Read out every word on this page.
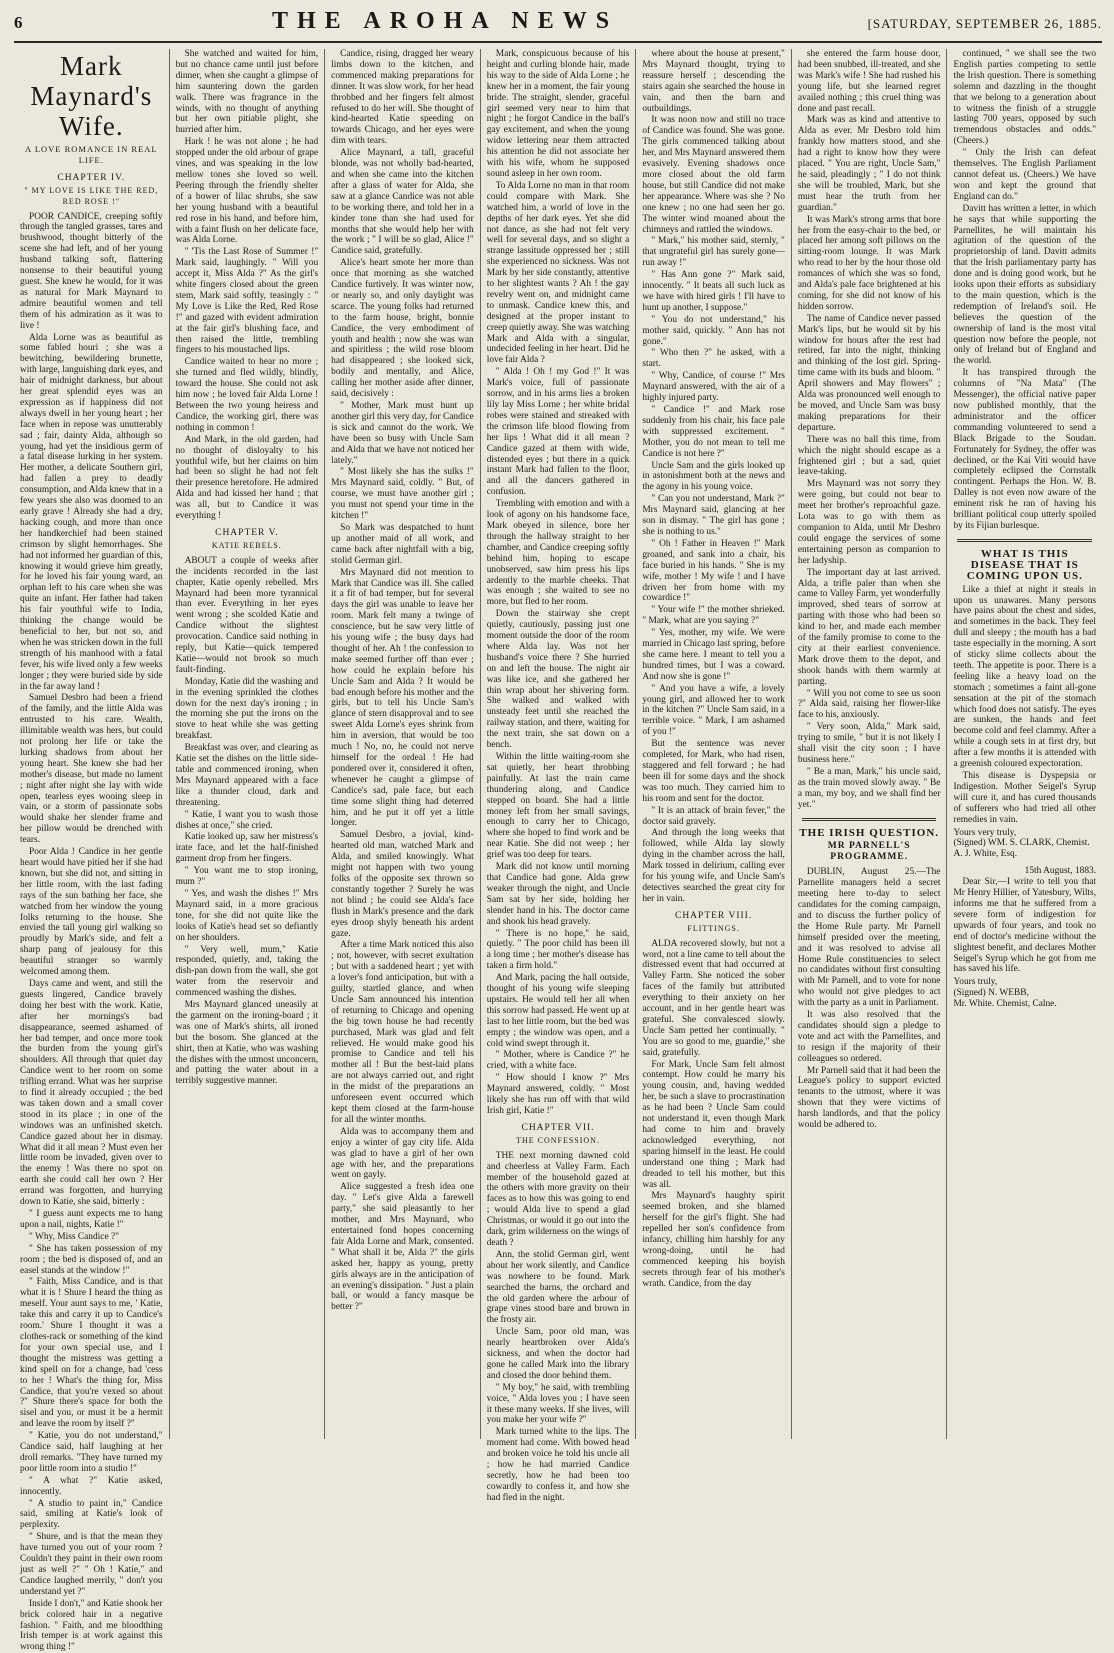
6	THE AROHA NEWS	[SATURDAY, SEPTEMBER 26, 1885.
Mark Maynard's Wife.
A LOVE ROMANCE IN REAL LIFE.
CHAPTER IV.
" MY LOVE IS LIKE THE RED, RED ROSE !"

POOR CANDICE, creeping softly through the tangled grasses, tares and brushwood, thought bitterly of the scene she had left, and of her young husband talking soft, flattering nonsense to their beautiful young guest. She knew he would, for it was as natural for Mark Maynard to admire beautiful women and tell them of his admiration as it was to live !

Alda Lorne was as beautiful as some fabled houri ; she was a bewitching, bewildering brunette, with large, languishing dark eyes, and hair of midnight darkness, but about her great splendid eyes was an expression as if happiness did not always dwell in her young heart ; her face when in repose was unutterably sad ; fair, dainty Alda, although so young, had yet the insidious germ of a fatal disease lurking in her system. Her mother, a delicate Southern girl, had fallen a prey to deadly consumption, and Alda knew that in a few years she also was doomed to an early grave ! Already she had a dry, hacking cough, and more than once her handkerchief had been stained crimson by slight hemorrhages. She had not informed her guardian of this, knowing it would grieve him greatly, for he loved his fair young ward, an orphan left to his care when she was quite an infant. Her father had taken his fair youthful wife to India, thinking the change would be beneficial to her, but not so, and when he was stricken down in the full strength of his manhood with a fatal fever, his wife lived only a few weeks longer ; they were buried side by side in the far away land !

Samuel Desbro had been a friend of the family, and the little Alda was entrusted to his care. Wealth, illimitable wealth was hers, but could not prolong her life or take the lurking shadows from about her young heart. She knew she had her mother's disease, but made no lament ; night after night she lay with wide open, tearless eyes wooing sleep in vain, or a storm of passionate sobs would shake her slender frame and her pillow would be drenched with tears.

Poor Alda ! Candice in her gentle heart would have pitied her if she had known, but she did not, and sitting in her little room, with the last fading rays of the sun bathing her face, she watched from her window the young folks returning to the house. She envied the tall young girl walking so proudly by Mark's side, and felt a sharp pang of jealousy for this beautiful stranger so warmly welcomed among them.

Days came and went, and still the guests lingered, Candice bravely doing her best with the work. Katie, after her mornings's bad disappearance, seemed ashamed of her bad temper, and once more took the burden from the young girl's shoulders. All through that quiet day Candice went to her room on some trifling errand. What was her surprise to find it already occupied ; the bed was taken down and a small cover stood in its place ; in one of the windows was an unfinished sketch. Candice gazed about her in dismay. What did it all mean ? Must even her little room be invaded, given over to the enemy ! Was there no spot on earth she could call her own ? Her errand was forgotten, and hurrying down to Katie, she said, bitterly :

" I guess aunt expects me to hang upon a nail, nights, Katie !"

" Why, Miss Candice ?"

" She has taken possession of my room ; the bed is disposed of, and an easel stands at the window !"

" Faith, Miss Candice, and is that what it is ! Shure I heard the thing as meself. Your aunt says to me, ' Katie, take this and carry it up to Candice's room.' Shure I thought it was a clothes-rack or something of the kind for your own special use, and I thought the mistress was getting a kind spell on for a change, bad 'cess to her ! What's the thing for, Miss Candice, that you're vexed so about ?" Shure there's space for both the sisel and you, or must it be a hermit and leave the room by itself ?"

" Katie, you do not understand," Candice said, half laughing at her droll remarks. "They have turned my poor little room into a studio !"

" A what ?" Katie asked, innocently.

" A studio to paint in," Candice said, smiling at Katie's look of perplexity.

" Shure, and is that the mean they have turned you out of your room ? Couldn't they paint in their own room just as well ?" " Oh ! Katie," and Candice laughed merrily, " don't you understand yet ?"

Inside I don't," and Katie shook her brick colored hair in a negative fashion. " Faith, and me bloodthing Irish temper is at work against this wrong thing !"

She watched and waited for him, but no chance came until just before dinner, when she caught a glimpse of him sauntering down the garden walk. There was fragrance in the winds, with no thought of anything but her own pitiable plight, she hurried after him.

Hark ! he was not alone ; he had stopped under the old arbour of grape vines, and was speaking in the low mellow tones she loved so well. Peering through the friendly shelter of a bower of lilac shrubs, she saw her young husband with a beautiful red rose in his hand, and before him, with a faint flush on her delicate face, was Alda Lorne.

" 'Tis the Last Rose of Summer !" Mark said, laughingly. " Will you accept it, Miss Alda ?" As the girl's white fingers closed about the green stem, Mark said softly, teasingly : " My Love is Like the Red, Red Rose !" and gazed with evident admiration at the fair girl's blushing face, and then raised the little, trembling fingers to his moustached lips.

Candice waited to hear no more ; she turned and fled wildly, blindly, toward the house. She could not ask him now ; he loved fair Alda Lorne ! Between the two young heiress and Candice, the working girl, there was nothing in common !

And Mark, in the old garden, had no thought of disloyalty to his youthful wife, but her claims on him had been so slight he had not felt their presence heretofore. He admired Alda and had kissed her hand ; that was all, but to Candice it was everything !

CHAPTER V.
KATIE REBELS.

ABOUT a couple of weeks after the incidents recorded in the last chapter, Katie openly rebelled. Mrs Maynard had been more tyrannical than ever. Everything in her eyes went wrong ; she scolded Katie and Candice without the slightest provocation. Candice said nothing in reply, but Katie—quick tempered Katie—would not brook so much fault-finding.

Monday, Katie did the washing and in the evening sprinkled the clothes down for the next day's ironing ; in the morning she put the irons on the stove to heat while she was getting breakfast.

Breakfast was over, and clearing as Katie set the dishes on the little side-table and commenced ironing, when Mrs Maynard appeared with a face like a thunder cloud, dark and threatening.

" Katie, I want you to wash those dishes at once," she cried.

Katie looked up, saw her mistress's irate face, and let the half-finished garment drop from her fingers.

" You want me to stop ironing, mum ?"

" Yes, and wash the dishes !" Mrs Maynard said, in a more gracious tone, for she did not quite like the looks of Katie's head set so defiantly on her shoulders.

" Very well, mum," Katie responded, quietly, and, taking the dish-pan down from the wall, she got water from the reservoir and commenced washing the dishes.

Mrs Maynard glanced uneasily at the garment on the ironing-board ; it was one of Mark's shirts, all ironed but the bosom. She glanced at the shirt, then at Katie, who was washing the dishes with the utmost unconcern, and patting the water about in a terribly suggestive manner.

Candice, rising, dragged her weary limbs down to the kitchen, and commenced making preparations for dinner. It was slow work, for her head throbbed and her fingers felt almost refused to do her will. She thought of kind-hearted Katie speeding on towards Chicago, and her eyes were dim with tears.

Alice Maynard, a tall, graceful blonde, was not wholly bad-hearted, and when she came into the kitchen after a glass of water for Alda, she saw at a glance Candice was not able to be working there, and told her in a kinder tone than she had used for months that she would help her with the work ; " I will be so glad, Alice !" Candice said, gratefully.

Alice's heart smote her more than once that morning as she watched Candice furtively. It was winter now, or nearly so, and only daylight was scarce. The young folks had returned to the farm house, bright, bonnie Candice, the very embodiment of youth and health ; now she was wan and spiritless ; the wild rose bloom had disappeared ; she looked sick, bodily and mentally, and Alice, calling her mother aside after dinner, said, decisively :

" Mother, Mark must hunt up another girl this very day, for Candice is sick and cannot do the work. We have been so busy with Uncle Sam and Alda that we have not noticed her lately."

" Most likely she has the sulks !" Mrs Maynard said, coldly. " But, of course, we must have another girl ; you must not spend your time in the kitchen !"

So Mark was despatched to hunt up another maid of all work, and came back after nightfall with a big, stolid German girl.

Mrs Maynard did not mention to Mark that Candice was ill. She called it a fit of bad temper, but for several days the girl was unable to leave her room. Mark felt many a twinge of conscience, but he saw very little of his young wife ; the busy days had thought of her. Ah ! the confession to make seemed further off than ever ; how could he explain before his Uncle Sam and Alda ? It would be bad enough before his mother and the girls, but to tell his Uncle Sam's glance of stern disapproval and to see sweet Alda Lorne's eyes shrink from him in aversion, that would be too much ! No, no, he could not nerve himself for the ordeal ! He had pondered over it, considered it often, whenever he caught a glimpse of Candice's sad, pale face, but each time some slight thing had deterred him, and he put it off yet a little longer.

Samuel Desbro, a jovial, kind-hearted old man, watched Mark and Alda, and smiled knowingly. What might not happen with two young folks of the opposite sex thrown so constantly together ? Surely he was not blind ; he could see Alda's face flush in Mark's presence and the dark eyes droop shyly beneath his ardent gaze.

After a time Mark noticed this also ; not, however, with secret exultation ; but with a saddened heart ; yet with a lover's fond anticipation, but with a guilty, startled glance, and when Uncle Sam announced his intention of returning to Chicago and opening the big town house he had recently purchased, Mark was glad and felt relieved. He would make good his promise to Candice and tell his mother all ! But the best-laid plans are not always carried out, and right in the midst of the preparations an unforeseen event occurred which kept them closed at the farm-house for all the winter months.

Alda was to accompany them and enjoy a winter of gay city life. Alda was glad to have a girl of her own age with her, and the preparations went on gayly.

Alice suggested a fresh idea one day. " Let's give Alda a farewell party," she said pleasantly to her mother, and Mrs Maynard, who entertained fond hopes concerning fair Alda Lorne and Mark, consented. " What shall it be, Alda ?" the girls asked her, happy as young, pretty girls always are in the anticipation of an evening's dissipation. " Just a plain ball, or would a fancy masque be better ?"

Mark, conspicuous because of his height and curling blonde hair, made his way to the side of Alda Lorne ; he knew her in a moment, the fair young bride. The straight, slender, graceful girl seemed very near to him that night ; he forgot Candice in the ball's gay excitement, and when the young widow lettering near them attracted his attention he did not associate her with his wife, whom he supposed sound asleep in her own room.

To Alda Lorne no man in that room could compare with Mark. She watched him, a world of love in the depths of her dark eyes. Yet she did not dance, as she had not felt very well for several days, and so slight a strange lassitude oppressed her ; still she experienced no sickness. Was not Mark by her side constantly, attentive to her slightest wants ? Ah ! the gay revelry went on, and midnight came to unmask. Candice knew this, and designed at the proper instant to creep quietly away. She was watching Mark and Alda with a singular, undecided feeling in her heart. Did he love fair Alda ?

" Alda ! Oh ! my God !" It was Mark's voice, full of passionate sorrow, and in his arms lies a broken lily lay Miss Lorne ; her white bridal robes were stained and streaked with the crimson life blood flowing from her lips ! What did it all mean ? Candice gazed at them with wide, distended eyes ; but there in a quick instant Mark had fallen to the floor, and all the dancers gathered in confusion.

Trembling with emotion and with a look of agony on his handsome face, Mark obeyed in silence, bore her through the hallway straight to her chamber, and Candice creeping softly behind him, hoping to escape unobserved, saw him press his lips ardently to the marble cheeks. That was enough ; she waited to see no more, but fled to her room.

Down the stairway she crept quietly, cautiously, passing just one moment outside the door of the room where Alda lay. Was not her husband's voice there ? She hurried on and left the house. The night air was like ice, and she gathered her thin wrap about her shivering form. She walked and walked with unsteady feet until she reached the railway station, and there, waiting for the next train, she sat down on a bench.

Within the little waiting-room she sat quietly, her heart throbbing painfully. At last the train came thundering along, and Candice stepped on board. She had a little money left from her small savings, enough to carry her to Chicago, where she hoped to find work and be near Katie. She did not weep ; her grief was too deep for tears.

Mark did not know until morning that Candice had gone. Alda grew weaker through the night, and Uncle Sam sat by her side, holding her slender hand in his. The doctor came and shook his head gravely.

" There is no hope," he said, quietly. " The poor child has been ill a long time ; her mother's disease has taken a firm hold."

And Mark, pacing the hall outside, thought of his young wife sleeping upstairs. He would tell her all when this sorrow had passed. He went up at last to her little room, but the bed was empty ; the window was open, and a cold wind swept through it.

" Mother, where is Candice ?" he cried, with a white face.

" How should I know ?" Mrs Maynard answered, coldly. " Most likely she has run off with that wild Irish girl, Katie !"

CHAPTER VII.
THE CONFESSION.

THE next morning dawned cold and cheerless at Valley Farm. Each member of the household gazed at the others with more gravity on their faces as to how this was going to end ; would Alda live to spend a glad Christmas, or would it go out into the dark, grim wilderness on the wings of death ?

Ann, the stolid German girl, went about her work silently, and Candice was nowhere to be found. Mark searched the barns, the orchard and the old garden where the arbour of grape vines stood bare and brown in the frosty air.

Uncle Sam, poor old man, was nearly heartbroken over Alda's sickness, and when the doctor had gone he called Mark into the library and closed the door behind them.

" My boy," he said, with trembling voice, " Alda loves you ; I have seen it these many weeks. If she lives, will you make her your wife ?"

Mark turned white to the lips. The moment had come. With bowed head and broken voice he told his uncle all ; how he had married Candice secretly, how he had been too cowardly to confess it, and how she had fled in the night.

where about the house at present," Mrs Maynard thought, trying to reassure herself ; descending the stairs again she searched the house in vain, and then the barn and outbuildings.

It was noon now and still no trace of Candice was found. She was gone. The girls commenced talking about her, and Mrs Maynard answered them evasively. Evening shadows once more closed about the old farm house, but still Candice did not make her appearance. Where was she ? No one knew ; no one had seen her go. The winter wind moaned about the chimneys and rattled the windows.

" Mark," his mother said, sternly, " that ungrateful girl has surely gone—run away !"

" Has Ann gone ?" Mark said, innocently. " It beats all such luck as we have with hired girls ! I'll have to hunt up another, I suppose."

" You do not understand," his mother said, quickly. " Ann has not gone."

" Who then ?" he asked, with a start.

" Why, Candice, of course !" Mrs Maynard answered, with the air of a highly injured party.

" Candice !" and Mark rose suddenly from his chair, his face pale with suppressed excitement. " Mother, you do not mean to tell me Candice is not here ?"

Uncle Sam and the girls looked up in astonishment both at the news and the agony in his young voice.

" Can you not understand, Mark ?" Mrs Maynard said, glancing at her son in dismay. " The girl has gone ; she is nothing to us."

" Oh ! Father in Heaven !" Mark groaned, and sank into a chair, his face buried in his hands. " She is my wife, mother ! My wife ! and I have driven her from home with my cowardice !"

" Your wife !" the mother shrieked. " Mark, what are you saying ?"

" Yes, mother, my wife. We were married in Chicago last spring, before she came here. I meant to tell you a hundred times, but I was a coward. And now she is gone !"

" And you have a wife, a lovely young girl, and allowed her to work in the kitchen ?" Uncle Sam said, in a terrible voice. " Mark, I am ashamed of you !"

But the sentence was never completed, for Mark, who had risen, staggered and fell forward ; he had been ill for some days and the shock was too much. They carried him to his room and sent for the doctor.

" It is an attack of brain fever," the doctor said gravely.

And through the long weeks that followed, while Alda lay slowly dying in the chamber across the hall, Mark tossed in delirium, calling ever for his young wife, and Uncle Sam's detectives searched the great city for her in vain.

CHAPTER VIII.
FLITTINGS.

ALDA recovered slowly, but not a word, not a line came to tell about the distressed event that had occurred at Valley Farm. She noticed the sober faces of the family but attributed everything to their anxiety on her account, and in her gentle heart was grateful. She convalesced slowly. Uncle Sam petted her continually. " You are so good to me, guardie," she said, gratefully.

For Mark, Uncle Sam felt almost contempt. How could he marry his young cousin, and, having wedded her, be such a slave to procrastination as he had been ? Uncle Sam could not understand it, even though Mark had come to him and bravely acknowledged everything, not sparing himself in the least. He could understand one thing ; Mark had dreaded to tell his mother, but this was all.

Mrs Maynard's haughty spirit seemed broken, and she blamed herself for the girl's flight. She had repelled her son's confidence from infancy, chilling him harshly for any wrong-doing, until he had commenced keeping his boyish secrets through fear of his mother's wrath. Candice, from the day

she entered the farm house door, had been snubbed, ill-treated, and she was Mark's wife ! She had rushed his young life, but she learned regret availed nothing ; this cruel thing was done and past recall.

Mark was as kind and attentive to Alda as ever. Mr Desbro told him frankly how matters stood, and she had a right to know how they were placed. " You are right, Uncle Sam," he said, pleadingly ; " I do not think she will be troubled, Mark, but she must hear the truth from her guardian."

It was Mark's strong arms that bore her from the easy-chair to the bed, or placed her among soft pillows on the sitting-room lounge. It was Mark who read to her by the hour those old romances of which she was so fond, and Alda's pale face brightened at his coming, for she did not know of his hidden sorrow.

The name of Candice never passed Mark's lips, but he would sit by his window for hours after the rest had retired, far into the night, thinking and thinking of the lost girl. Spring-time came with its buds and bloom. " April showers and May flowers" ; Alda was pronounced well enough to be moved, and Uncle Sam was busy making preparations for their departure.

There was no ball this time, from which the night should escape as a frightened girl ; but a sad, quiet leave-taking.

Mrs Maynard was not sorry they were going, but could not bear to meet her brother's reproachful gaze. Lota was to go with them as companion to Alda, until Mr Desbro could engage the services of some entertaining person as companion to her ladyship.

The important day at last arrived. Alda, a trifle paler than when she came to Valley Farm, yet wonderfully improved, shed tears of sorrow at parting with those who had been so kind to her, and made each member of the family promise to come to the city at their earliest convenience. Mark drove them to the depot, and shook hands with them warmly at parting.

" Will you not come to see us soon ?" Alda said, raising her flower-like face to his, anxiously.

" Very soon, Alda," Mark said, trying to smile, " but it is not likely I shall visit the city soon ; I have business here."

" Be a man, Mark," his uncle said, as the train moved slowly away. " Be a man, my boy, and we shall find her yet."

THE IRISH QUESTION.
MR PARNELL'S PROGRAMME.

DUBLIN, August 25.—The Parnellite managers held a secret meeting here to-day to select candidates for the coming campaign, and to discuss the further policy of the Home Rule party. Mr Parnell himself presided over the meeting, and it was resolved to advise all Home Rule constituencies to select no candidates without first consulting with Mr Parnell, and to vote for none who would not give pledges to act with the party as a unit in Parliament.

It was also resolved that the candidates should sign a pledge to vote and act with the Parnellites, and to resign if the majority of their colleagues so ordered.

Mr Parnell said that it had been the League's policy to support evicted tenants to the utmost, where it was shown that they were victims of harsh landlords, and that the policy would be adhered to.

continued, " we shall see the two English parties competing to settle the Irish question. There is something solemn and dazzling in the thought that we belong to a generation about to witness the finish of a struggle lasting 700 years, opposed by such tremendous obstacles and odds." (Cheers.)

" Only the Irish can defeat themselves. The English Parliament cannot defeat us. (Cheers.) We have won and kept the ground that England can do."

Davitt has written a letter, in which he says that while supporting the Parnellites, he will maintain his agitation of the question of the proprietorship of land. Davitt admits that the Irish parliamentary party has done and is doing good work, but he looks upon their efforts as subsidiary to the main question, which is the redemption of Ireland's soil. He believes the question of the ownership of land is the most vital question now before the people, not only of Ireland but of England and the world.

It has transpired through the columns of "Na Mata" (The Messenger), the official native paper now published monthly, that the administrator and the officer commanding volunteered to send a Black Brigade to the Soudan. Fortunately for Sydney, the offer was declined, or the Kai Viti would have completely eclipsed the Cornstalk contingent. Perhaps the Hon. W. B. Dalley is not even now aware of the eminent risk he ran of having his brilliant political coup utterly spoiled by its Fijian burlesque.

WHAT IS THIS DISEASE THAT IS COMING UPON US.

Like a thief at night it steals in upon us unawares. Many persons have pains about the chest and sides, and sometimes in the back. They feel dull and sleepy ; the mouth has a bad taste especially in the morning. A sort of sticky slime collects about the teeth. The appetite is poor. There is a feeling like a heavy load on the stomach ; sometimes a faint all-gone sensation at the pit of the stomach which food does not satisfy. The eyes are sunken, the hands and feet become cold and feel clammy. After a while a cough sets in at first dry, but after a few months it is attended with a greenish coloured expectoration.

This disease is Dyspepsia or Indigestion. Mother Seigel's Syrup will cure it, and has cured thousands of sufferers who had tried all other remedies in vain.

Yours very truly,
(Signed) WM. S. CLARK, Chemist.
A. J. White, Esq.
15th August, 1883.

Dear Sir,—I write to tell you that Mr Henry Hillier, of Yatesbury, Wilts, informs me that he suffered from a severe form of indigestion for upwards of four years, and took no end of doctor's medicine without the slightest benefit, and declares Mother Seigel's Syrup which he got from me has saved his life.

Yours truly,
(Signed) N. WEBB,
Mr. White. Chemist, Calne.
